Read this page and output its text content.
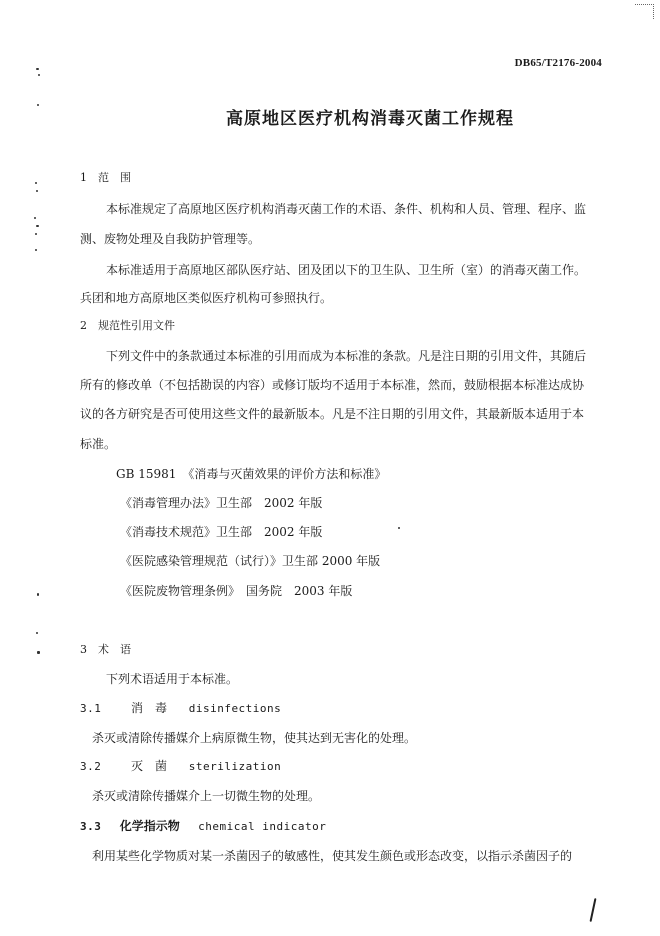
DB65/T2176-2004
高原地区医疗机构消毒灭菌工作规程
1　范　围
本标准规定了高原地区医疗机构消毒灭菌工作的术语、条件、机构和人员、管理、程序、监
测、废物处理及自我防护管理等。
本标准适用于高原地区部队医疗站、团及团以下的卫生队、卫生所（室）的消毒灭菌工作。
兵团和地方高原地区类似医疗机构可参照执行。
2　规范性引用文件
下列文件中的条款通过本标准的引用而成为本标准的条款。凡是注日期的引用文件，其随后
所有的修改单（不包括勘误的内容）或修订版均不适用于本标准，然而，鼓励根据本标准达成协
议的各方研究是否可使用这些文件的最新版本。凡是不注日期的引用文件，其最新版本适用于本
标准。
GB 15981　《消毒与灭菌效果的评价方法和标准》
《消毒管理办法》卫生部　2002 年版
《消毒技术规范》卫生部　2002 年版
《医院感染管理规范（试行）》卫生部 2000 年版
《医院废物管理条例》　国务院　2003 年版
3　术　语
下列术语适用于本标准。
3.1 消　毒 disinfections
杀灭或清除传播媒介上病原微生物，使其达到无害化的处理。
3.2 灭　菌 sterilization
杀灭或清除传播媒介上一切微生物的处理。
3.3 化学指示物 chemical indicator
利用某些化学物质对某一杀菌因子的敏感性，使其发生颜色或形态改变，以指示杀菌因子的
